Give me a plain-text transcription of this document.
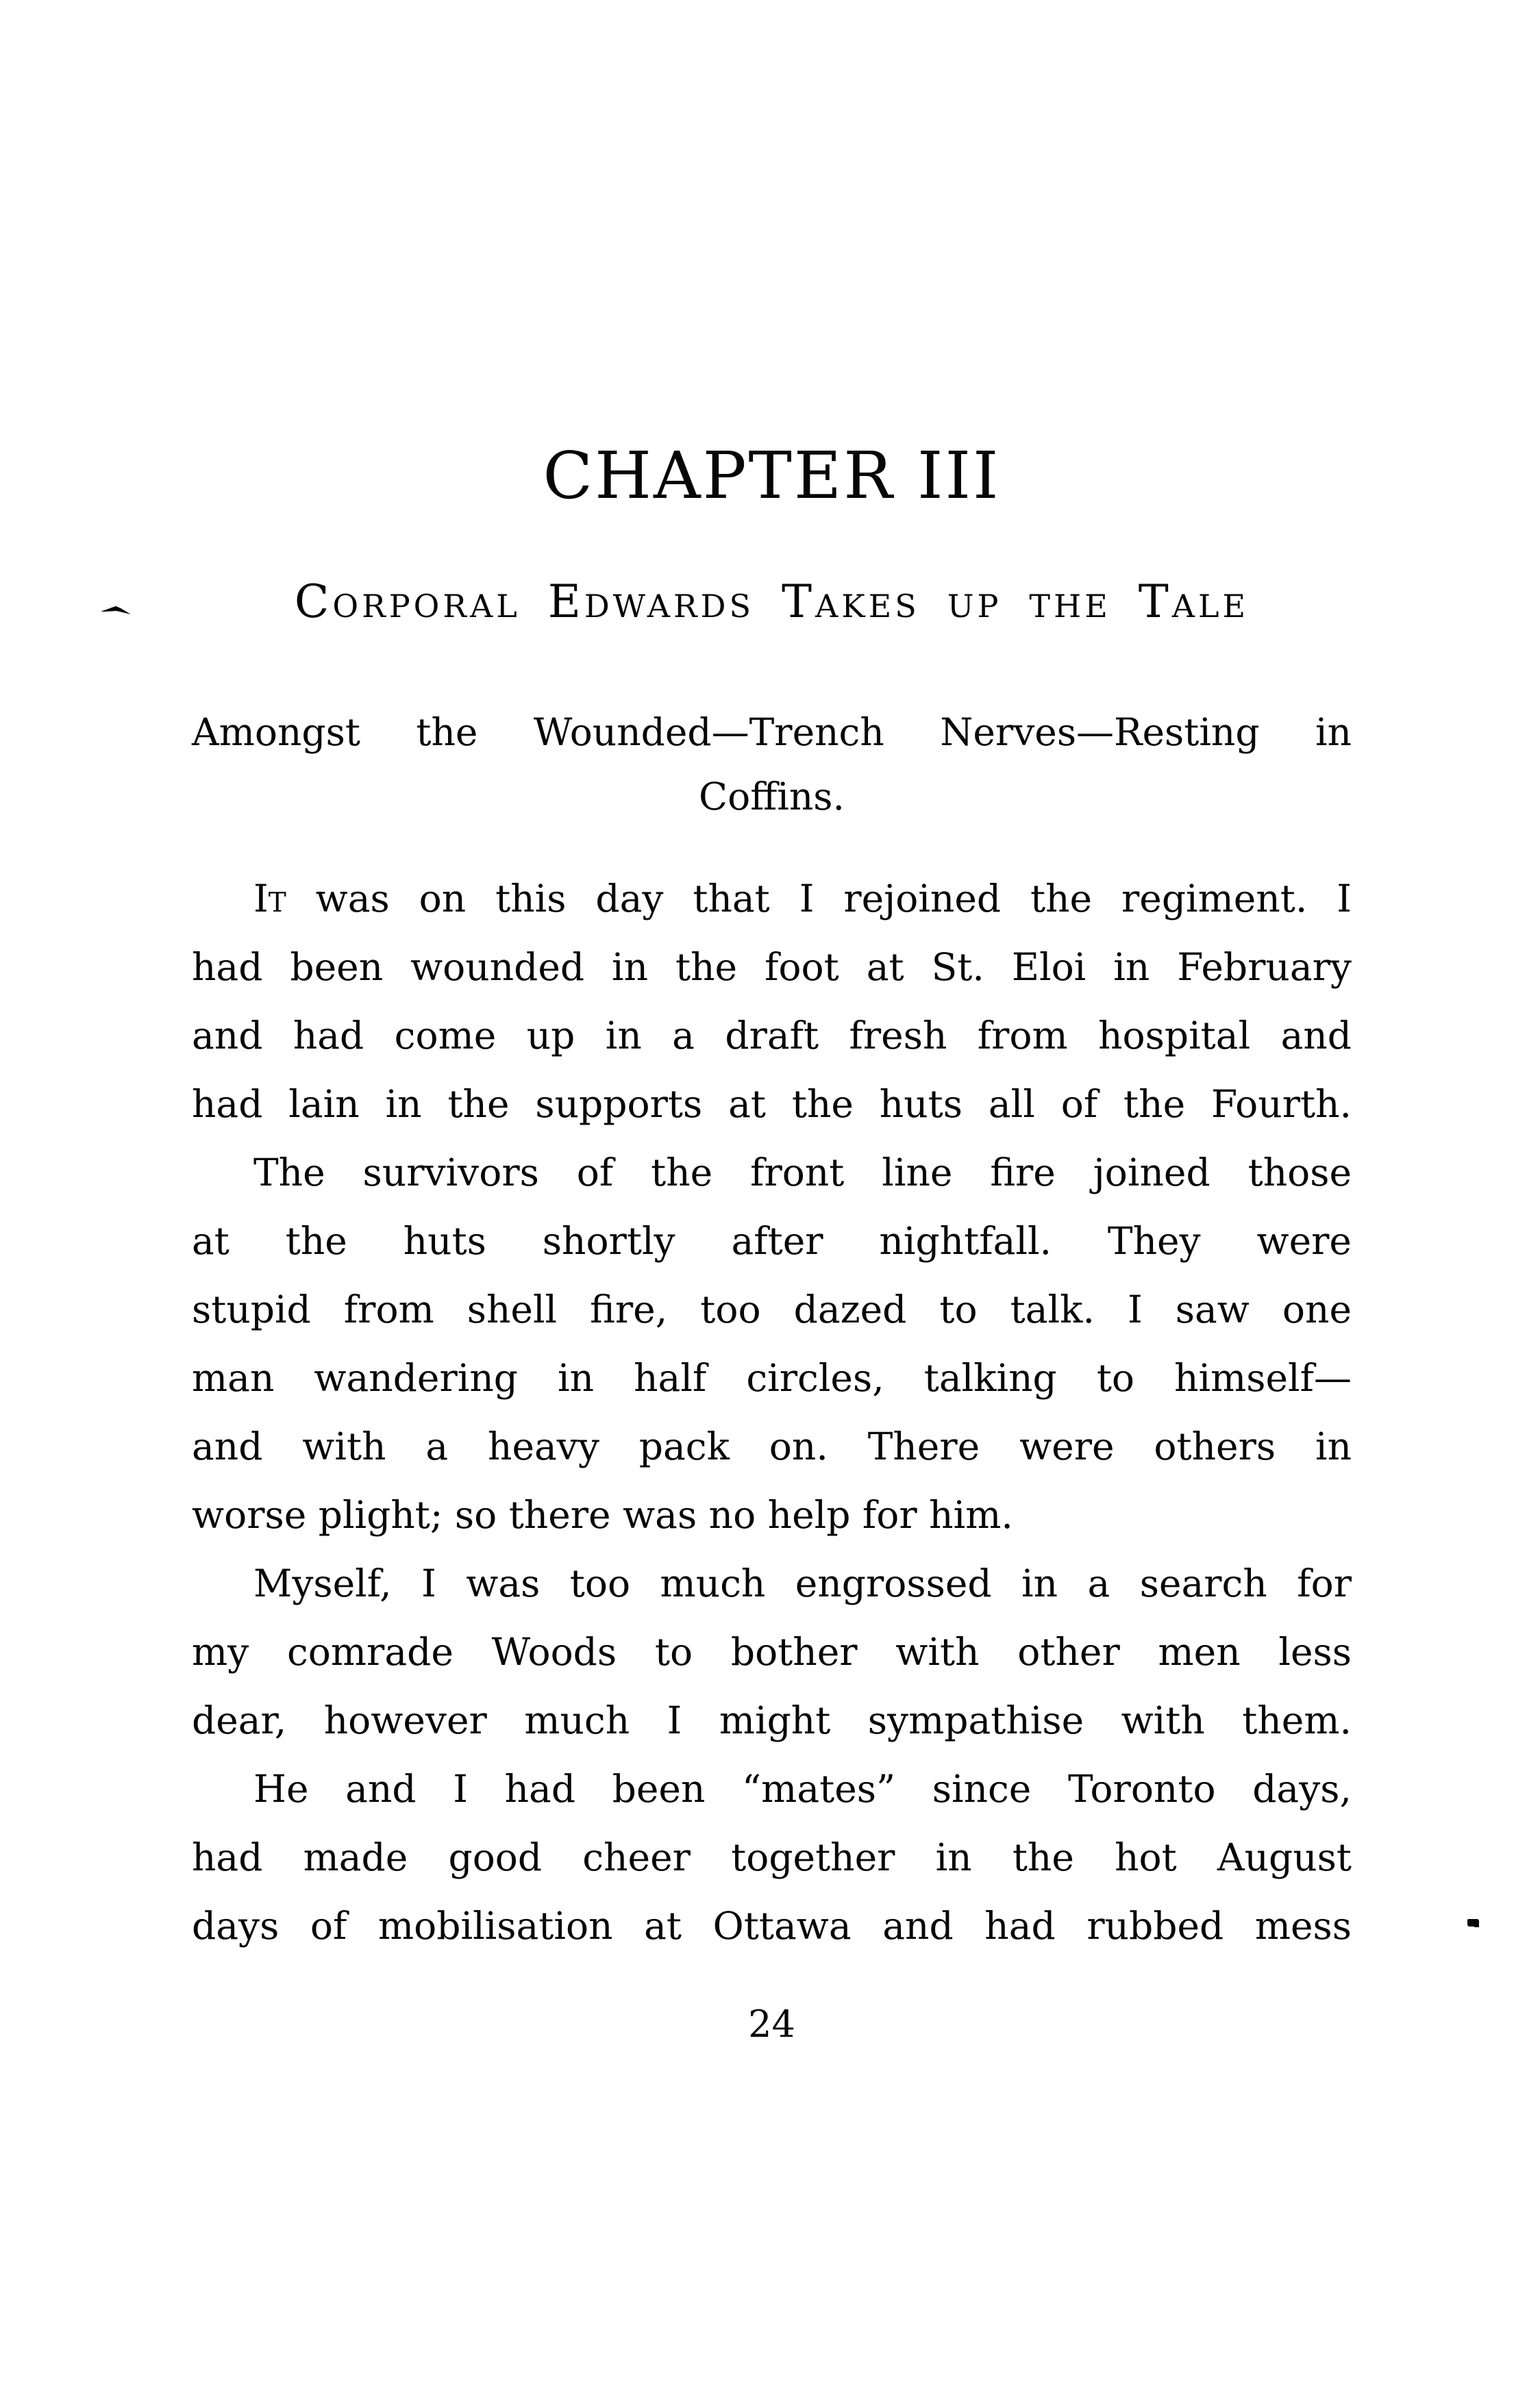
CHAPTER III
Corporal Edwards Takes up the Tale
Amongst the Wounded—Trench Nerves—Resting in
Coffins.
It was on this day that I rejoined the regiment. I
had been wounded in the foot at St. Eloi in February
and had come up in a draft fresh from hospital and
had lain in the supports at the huts all of the Fourth.
The survivors of the front line fire joined those
at the huts shortly after nightfall. They were
stupid from shell fire, too dazed to talk. I saw one
man wandering in half circles, talking to himself—
and with a heavy pack on. There were others in
worse plight; so there was no help for him.
Myself, I was too much engrossed in a search for
my comrade Woods to bother with other men less
dear, however much I might sympathise with them.
He and I had been “mates” since Toronto days,
had made good cheer together in the hot August
days of mobilisation at Ottawa and had rubbed mess
24
